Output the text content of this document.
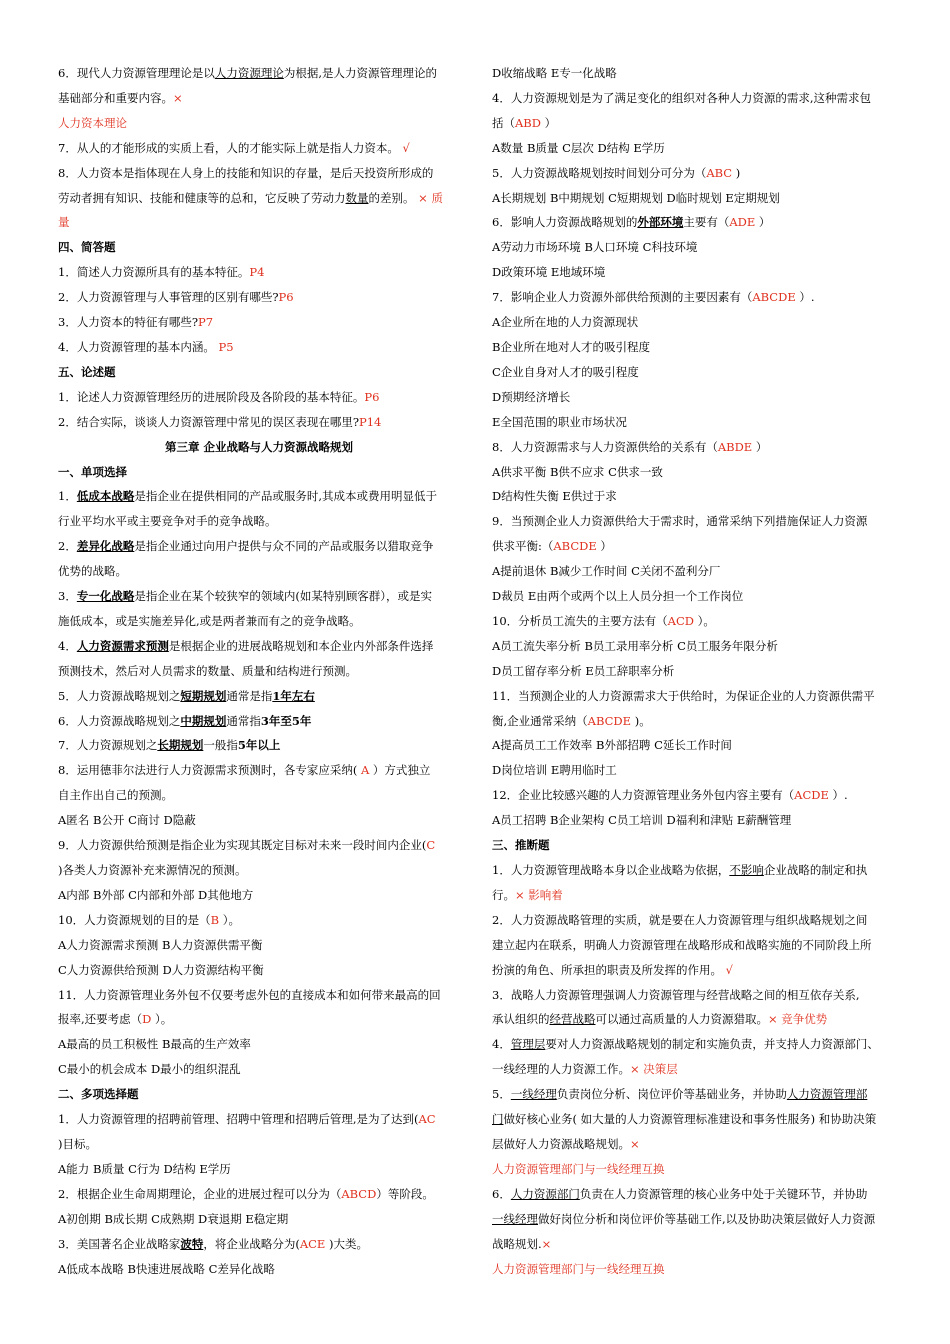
6．现代人力资源管理理论是以人力资源理论为根据,是人力资源管理理论的
基础部分和重要内容。×
人力资本理论
7．从人的才能形成的实质上看，人的才能实际上就是指人力资本。 √
8．人力资本是指体现在人身上的技能和知识的存量，是后天投资所形成的
劳动者拥有知识、技能和健康等的总和，它反映了劳动力数量的差别。 × 质
量
四、简答题
1．简述人力资源所具有的基本特征。P4
2．人力资源管理与人事管理的区别有哪些?P6
3．人力资本的特征有哪些?P7
4．人力资源管理的基本内涵。 P5
五、论述题
1．论述人力资源管理经历的进展阶段及各阶段的基本特征。P6
2．结合实际，谈谈人力资源管理中常见的误区表现在哪里?P14
第三章 企业战略与人力资源战略规划
一、单项选择
1．低成本战略是指企业在提供相同的产品或服务时,其成本或费用明显低于
行业平均水平或主要竞争对手的竞争战略。
2．差异化战略是指企业通过向用户提供与众不同的产品或服务以猎取竞争
优势的战略。
3．专一化战略是指企业在某个较狭窄的领域内(如某特别顾客群），或是实
施低成本，或是实施差异化,或是两者兼而有之的竞争战略。
4．人力资源需求预测是根据企业的进展战略规划和本企业内外部条件选择
预测技术，然后对人员需求的数量、质量和结构进行预测。
5．人力资源战略规划之短期规划通常是指1年左右
6．人力资源战略规划之中期规划通常指3年至5年
7．人力资源规划之长期规划一般指5年以上
8．运用德菲尔法进行人力资源需求预测时，各专家应采纳( A ）方式独立
自主作出自己的预测。
A匿名 B公开 C商讨 D隐蔽
9．人力资源供给预测是指企业为实现其既定目标对未来一段时间内企业(C
)各类人力资源补充来源情况的预测。
A内部 B外部 C内部和外部 D其他地方
10．人力资源规划的目的是（B ）。
A人力资源需求预测 B人力资源供需平衡
C人力资源供给预测 D人力资源结构平衡
11．人力资源管理业务外包不仅要考虑外包的直接成本和如何带来最高的回
报率,还要考虑（D ）。
A最高的员工积极性 B最高的生产效率
C最小的机会成本 D最小的组织混乱
二、多项选择题
1．人力资源管理的招聘前管理、招聘中管理和招聘后管理,是为了达到(AC
)目标。
A能力 B质量 C行为 D结构 E学历
2．根据企业生命周期理论，企业的进展过程可以分为（ABCD）等阶段。
A初创期 B成长期 C成熟期 D衰退期 E稳定期
3．美国著名企业战略家波特，将企业战略分为(ACE )大类。
A低成本战略 B快速进展战略 C差异化战略
D收缩战略 E专一化战略
4．人力资源规划是为了满足变化的组织对各种人力资源的需求,这种需求包
括（ABD ）
A数量 B质量 C层次 D结构 E学历
5．人力资源战略规划按时间划分可分为（ABC )
A长期规划 B中期规划 C短期规划 D临时规划 E定期规划
6．影响人力资源战略规划的外部环境主要有（ADE ）
A劳动力市场环境 B人口环境 C科技环境
D政策环境 E地域环境
7．影响企业人力资源外部供给预测的主要因素有（ABCDE ）.
A企业所在地的人力资源现状
B企业所在地对人才的吸引程度
C企业自身对人才的吸引程度
D预期经济增长
E全国范围的职业市场状况
8．人力资源需求与人力资源供给的关系有（ABDE ）
A供求平衡 B供不应求 C供求一致
D结构性失衡 E供过于求
9．当预测企业人力资源供给大于需求时，通常采纳下列措施保证人力资源
供求平衡:（ABCDE ）
A提前退休 B减少工作时间 C关闭不盈利分厂
D裁员 E由两个或两个以上人员分担一个工作岗位
10．分析员工流失的主要方法有（ACD ）。
A员工流失率分析 B员工录用率分析 C员工服务年限分析
D员工留存率分析 E员工辞职率分析
11．当预测企业的人力资源需求大于供给时，为保证企业的人力资源供需平
衡,企业通常采纳（ABCDE )。
A提高员工工作效率 B外部招聘 C延长工作时间
D岗位培训 E聘用临时工
12．企业比较感兴趣的人力资源管理业务外包内容主要有（ACDE ）.
A员工招聘 B企业架构 C员工培训 D福利和津贴 E薪酬管理
三、推断题
1．人力资源管理战略本身以企业战略为依据，不影响企业战略的制定和执
行。× 影响着
2．人力资源战略管理的实质，就是要在人力资源管理与组织战略规划之间
建立起内在联系，明确人力资源管理在战略形成和战略实施的不同阶段上所
扮演的角色、所承担的职责及所发挥的作用。 √
3．战略人力资源管理强调人力资源管理与经营战略之间的相互依存关系,
承认组织的经营战略可以通过高质量的人力资源猎取。× 竞争优势
4．管理层要对人力资源战略规划的制定和实施负责，并支持人力资源部门、
一线经理的人力资源工作。× 决策层
5．一线经理负责岗位分析、岗位评价等基础业务，并协助人力资源管理部
门做好核心业务( 如大量的人力资源管理标准建设和事务性服务) 和协助决策
层做好人力资源战略规划。×
人力资源管理部门与一线经理互换
6．人力资源部门负责在人力资源管理的核心业务中处于关键环节，并协助
一线经理做好岗位分析和岗位评价等基础工作,以及协助决策层做好人力资源
战略规划.×
人力资源管理部门与一线经理互换
